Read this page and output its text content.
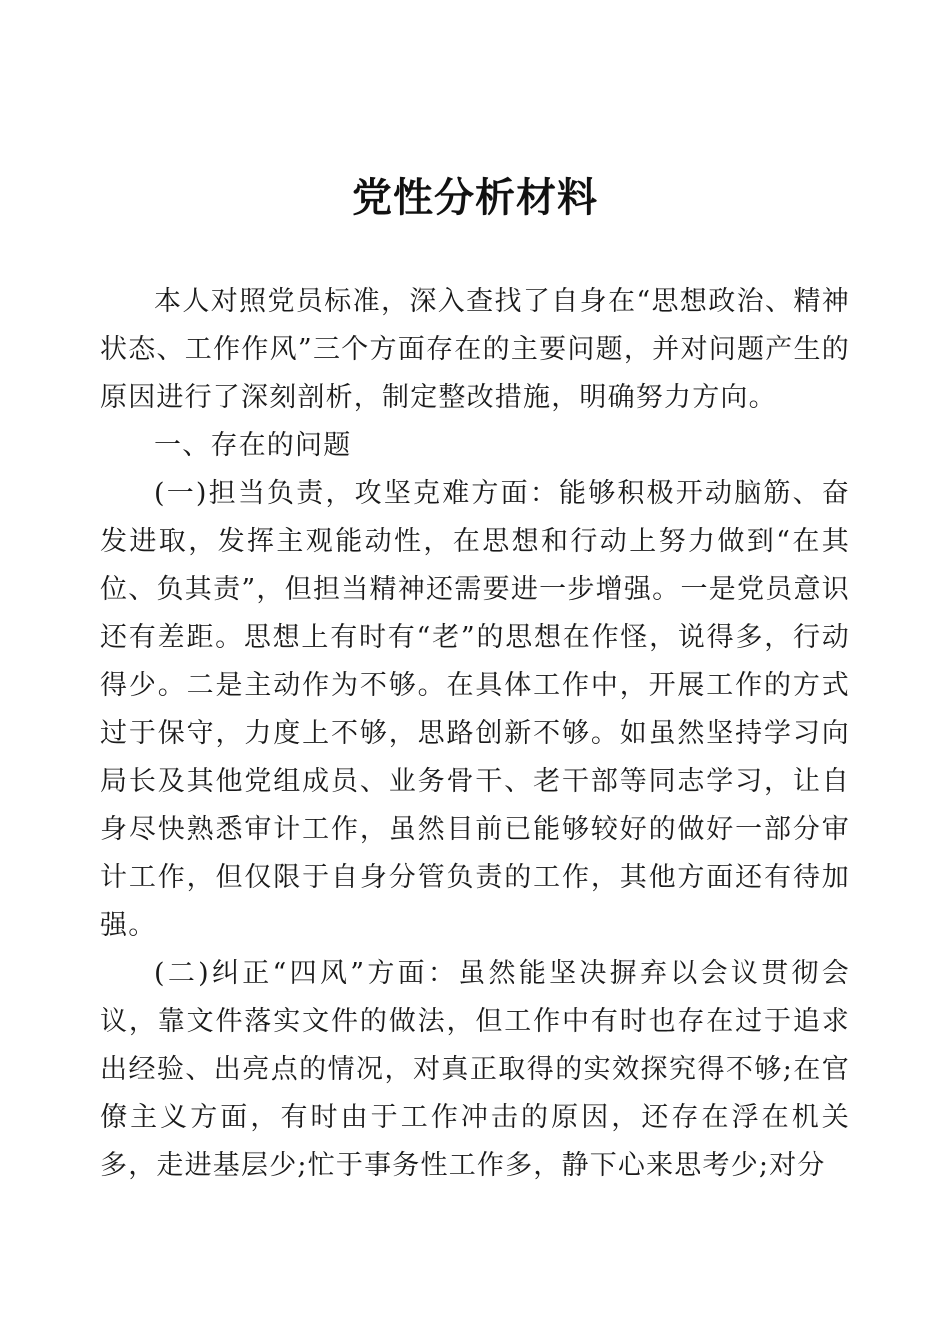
党性分析材料

本人对照党员标准，深入查找了自身在“思想政治、精神状态、工作作风”三个方面存在的主要问题，并对问题产生的原因进行了深刻剖析，制定整改措施，明确努力方向。

一、存在的问题

(一)担当负责，攻坚克难方面：能够积极开动脑筋、奋发进取，发挥主观能动性，在思想和行动上努力做到“在其位、负其责”，但担当精神还需要进一步增强。一是党员意识还有差距。思想上有时有“老”的思想在作怪，说得多，行动得少。二是主动作为不够。在具体工作中，开展工作的方式过于保守，力度上不够，思路创新不够。如虽然坚持学习向局长及其他党组成员、业务骨干、老干部等同志学习，让自身尽快熟悉审计工作，虽然目前已能够较好的做好一部分审计工作，但仅限于自身分管负责的工作，其他方面还有待加强。

(二)纠正“四风”方面：虽然能坚决摒弃以会议贯彻会议，靠文件落实文件的做法，但工作中有时也存在过于追求出经验、出亮点的情况，对真正取得的实效探究得不够;在官僚主义方面，有时由于工作冲击的原因，还存在浮在机关多，走进基层少;忙于事务性工作多，静下心来思考少;对分
